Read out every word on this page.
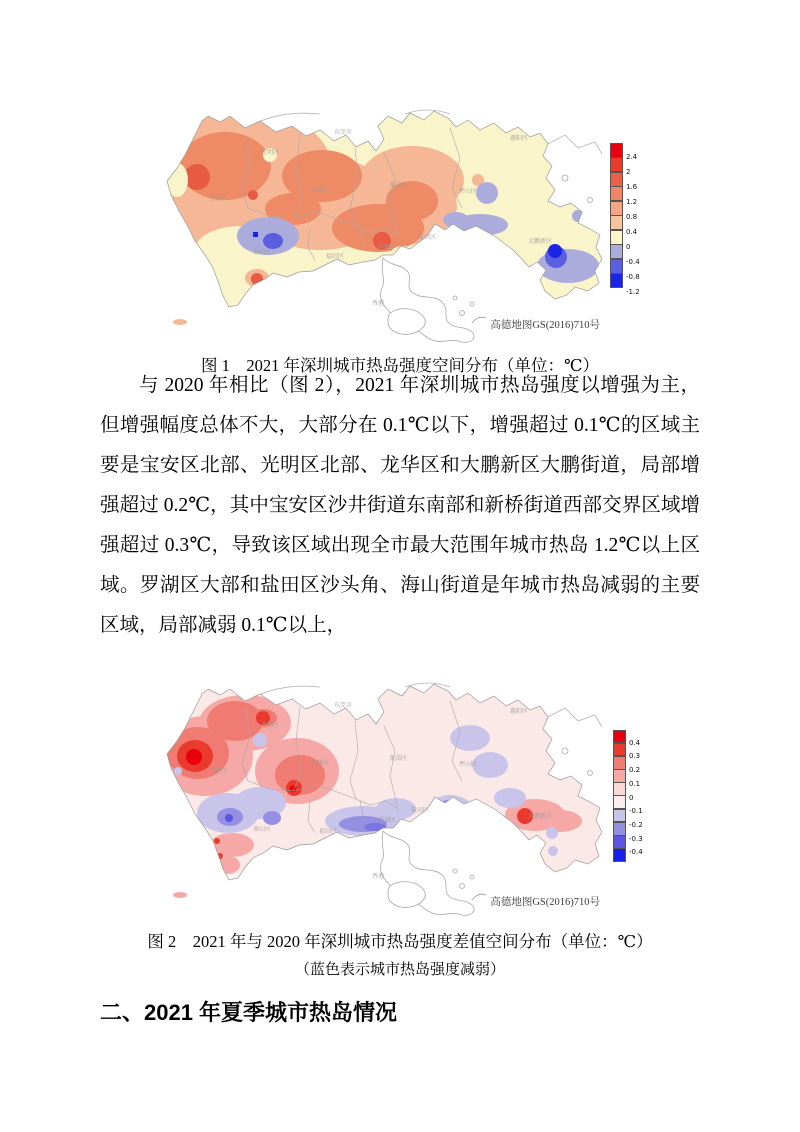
东莞市
惠阳区
光明区
宝安区
龙华区
龙岗区
坪山区
罗湖区
南山区
福田区
盐田区
大鹏新区
香港
高德地图GS(2016)710号
2.4
2
1.6
1.2
0.8
0.4
0
-0.4
-0.8
-1.2
图 1　2021 年深圳城市热岛强度空间分布（单位：℃）

与 2020 年相比（图 2），2021 年深圳城市热岛强度以增强为主，但增强幅度总体不大，大部分在 0.1℃以下，增强超过 0.1℃的区域主要是宝安区北部、光明区北部、龙华区和大鹏新区大鹏街道，局部增强超过 0.2℃，其中宝安区沙井街道东南部和新桥街道西部交界区域增强超过 0.3℃，导致该区域出现全市最大范围年城市热岛 1.2℃以上区域。罗湖区大部和盐田区沙头角、海山街道是年城市热岛减弱的主要区域，局部减弱 0.1℃以上，

东莞市
惠阳区
光明区
宝安区
龙华区
龙岗区
坪山区
罗湖区
南山区	福田区
盐田区
大鹏新区
香港
高德地图GS(2016)710号
0.4
0.3
0.2
0.1
0
-0.1
-0.2
-0.3
-0.4
图 2　2021 年与 2020 年深圳城市热岛强度差值空间分布（单位：℃）
（蓝色表示城市热岛强度减弱）
二、2021 年夏季城市热岛情况
